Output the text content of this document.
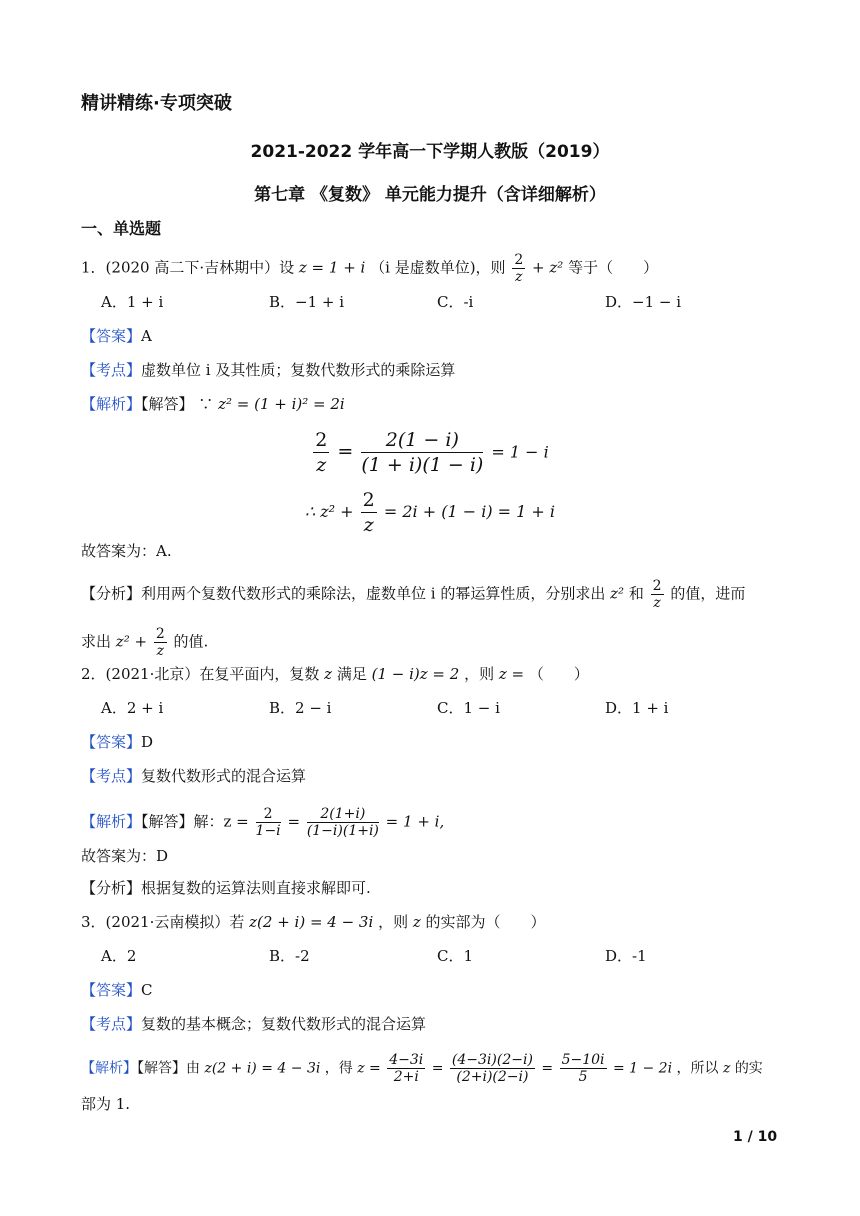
精讲精练·专项突破
2021-2022 学年高一下学期人教版（2019）
第七章 《复数》 单元能力提升（含详细解析）
一、单选题
1．(2020 高二下·吉林期中）设 z = 1 + i （i 是虚数单位)，则 $\frac{2}{z} + z^2$ 等于（　　）
A．1 + i	B．−1 + i	C．-i	D．−1 − i
【答案】A
【考点】虚数单位 i 及其性质；复数代数形式的乘除运算
【解析】【解答】 ∵ z² = (1 + i)² = 2i
$\frac{2}{z} = \frac{2(1 - i)}{(1 + i)(1 - i)} = 1 - i$
∴ $z^2 + \frac{2}{z} = 2i + (1 - i) = 1 + i$
故答案为：A.
【分析】利用两个复数代数形式的乘除法，虚数单位 i 的幂运算性质，分别求出 z² 和 $\frac{2}{z}$ 的值，进而
求出 $z^2 + \frac{2}{z}$ 的值.
2．(2021·北京）在复平面内，复数 z 满足 (1 − i)z = 2 ，则 z = （　　）
A．2 + i	B．2 − i	C．1 − i	D．1 + i
【答案】D
【考点】复数代数形式的混合运算
【解析】【解答】解：$z = \frac{2}{1-i} = \frac{2(1+i)}{(1-i)(1+i)} = 1 + i$,
故答案为：D
【分析】根据复数的运算法则直接求解即可.
3．(2021·云南模拟）若 z(2 + i) = 4 − 3i ，则 z 的实部为（　　）
A．2	B．-2	C．1	D．-1
【答案】C
【考点】复数的基本概念；复数代数形式的混合运算
【解析】【解答】由 z(2 + i) = 4 − 3i ，得 $z = \frac{4-3i}{2+i} = \frac{(4-3i)(2-i)}{(2+i)(2-i)} = \frac{5-10i}{5} = 1 - 2i$ ，所以 z 的实
部为 1.
1 / 10
